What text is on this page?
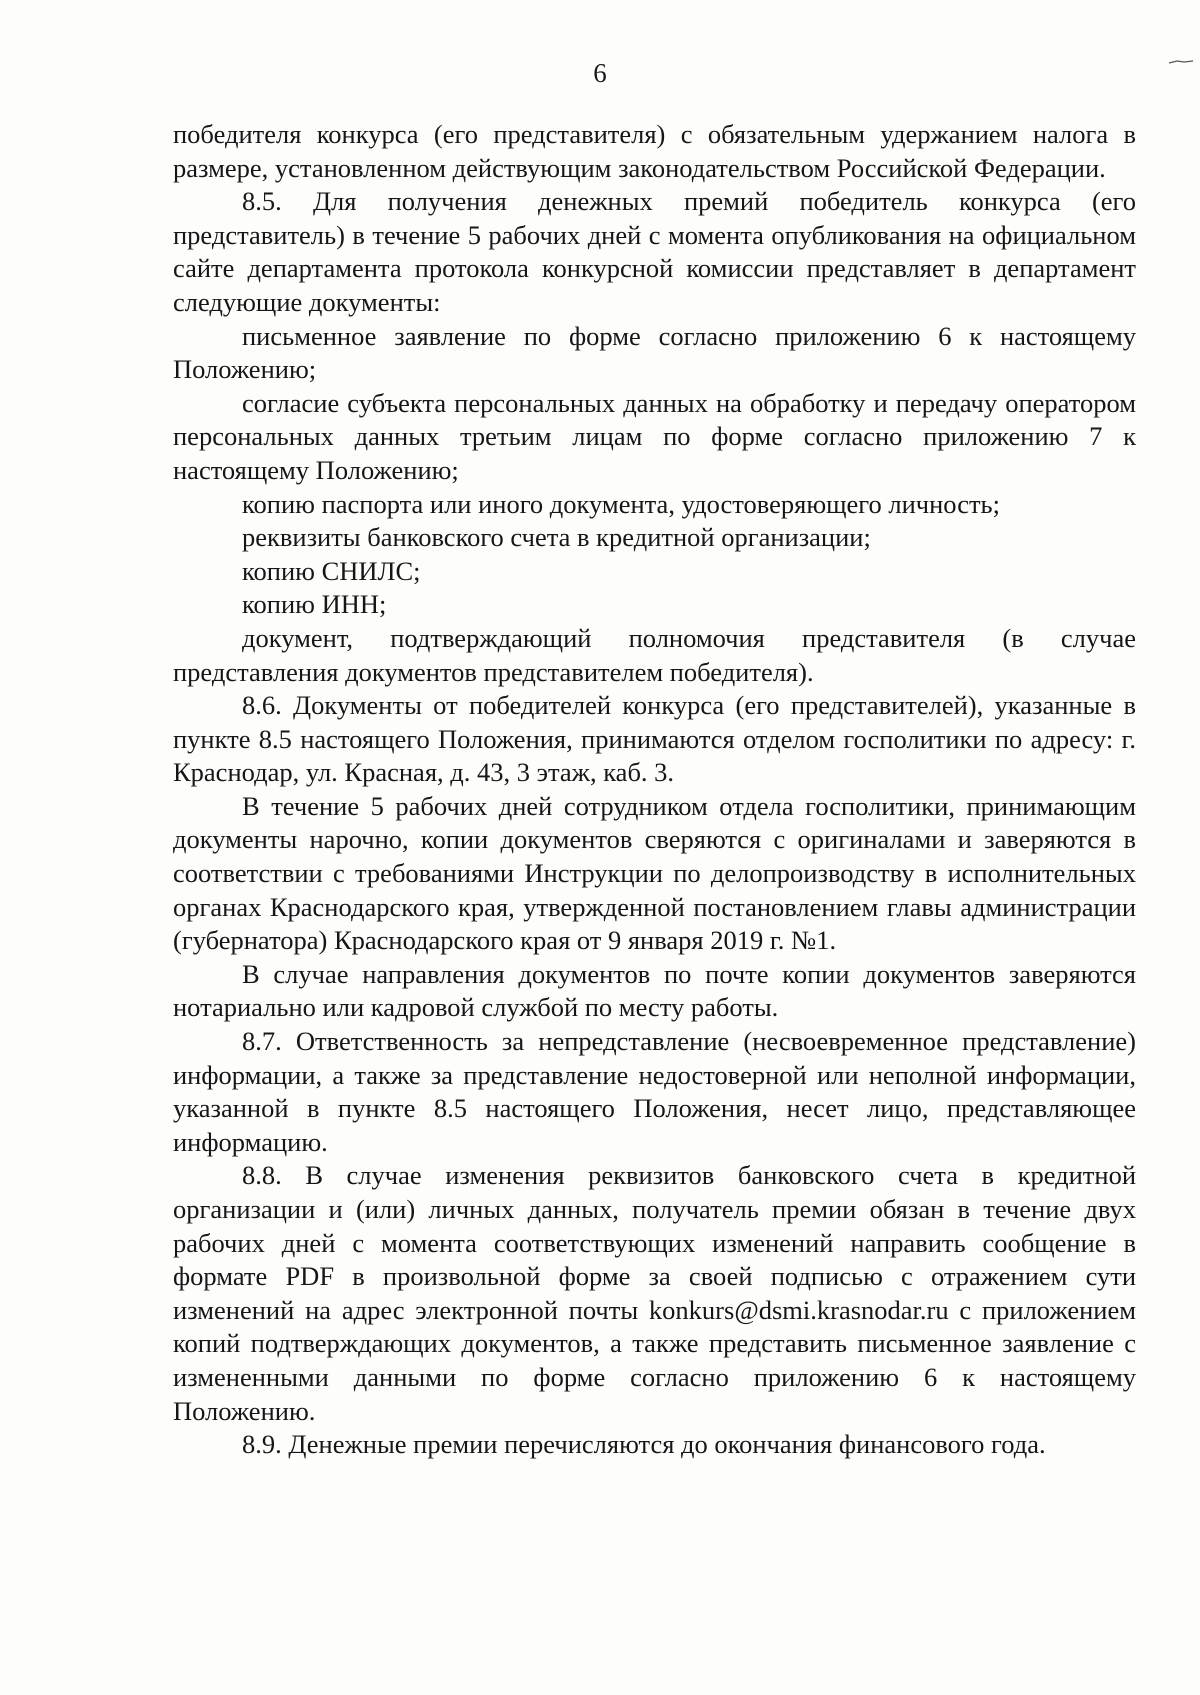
6

победителя конкурса (его представителя) с обязательным удержанием налога в размере, установленном действующим законодательством Российской Федерации.

8.5. Для получения денежных премий победитель конкурса (его представитель) в течение 5 рабочих дней с момента опубликования на официальном сайте департамента протокола конкурсной комиссии представляет в департамент следующие документы:

письменное заявление по форме согласно приложению 6 к настоящему Положению;

согласие субъекта персональных данных на обработку и передачу оператором персональных данных третьим лицам по форме согласно приложению 7 к настоящему Положению;

копию паспорта или иного документа, удостоверяющего личность;

реквизиты банковского счета в кредитной организации;

копию СНИЛС;

копию ИНН;

документ, подтверждающий полномочия представителя (в случае представления документов представителем победителя).

8.6. Документы от победителей конкурса (его представителей), указанные в пункте 8.5 настоящего Положения, принимаются отделом госполитики по адресу: г. Краснодар, ул. Красная, д. 43, 3 этаж, каб. 3.

В течение 5 рабочих дней сотрудником отдела госполитики, принимающим документы нарочно, копии документов сверяются с оригиналами и заверяются в соответствии с требованиями Инструкции по делопроизводству в исполнительных органах Краснодарского края, утвержденной постановлением главы администрации (губернатора) Краснодарского края от 9 января 2019 г. №1.

В случае направления документов по почте копии документов заверяются нотариально или кадровой службой по месту работы.

8.7. Ответственность за непредставление (несвоевременное представление) информации, а также за представление недостоверной или неполной информации, указанной в пункте 8.5 настоящего Положения, несет лицо, представляющее информацию.

8.8. В случае изменения реквизитов банковского счета в кредитной организации и (или) личных данных, получатель премии обязан в течение двух рабочих дней с момента соответствующих изменений направить сообщение в формате PDF в произвольной форме за своей подписью с отражением сути изменений на адрес электронной почты konkurs@dsmi.krasnodar.ru с приложением копий подтверждающих документов, а также представить письменное заявление с измененными данными по форме согласно приложению 6 к настоящему Положению.

8.9. Денежные премии перечисляются до окончания финансового года.
